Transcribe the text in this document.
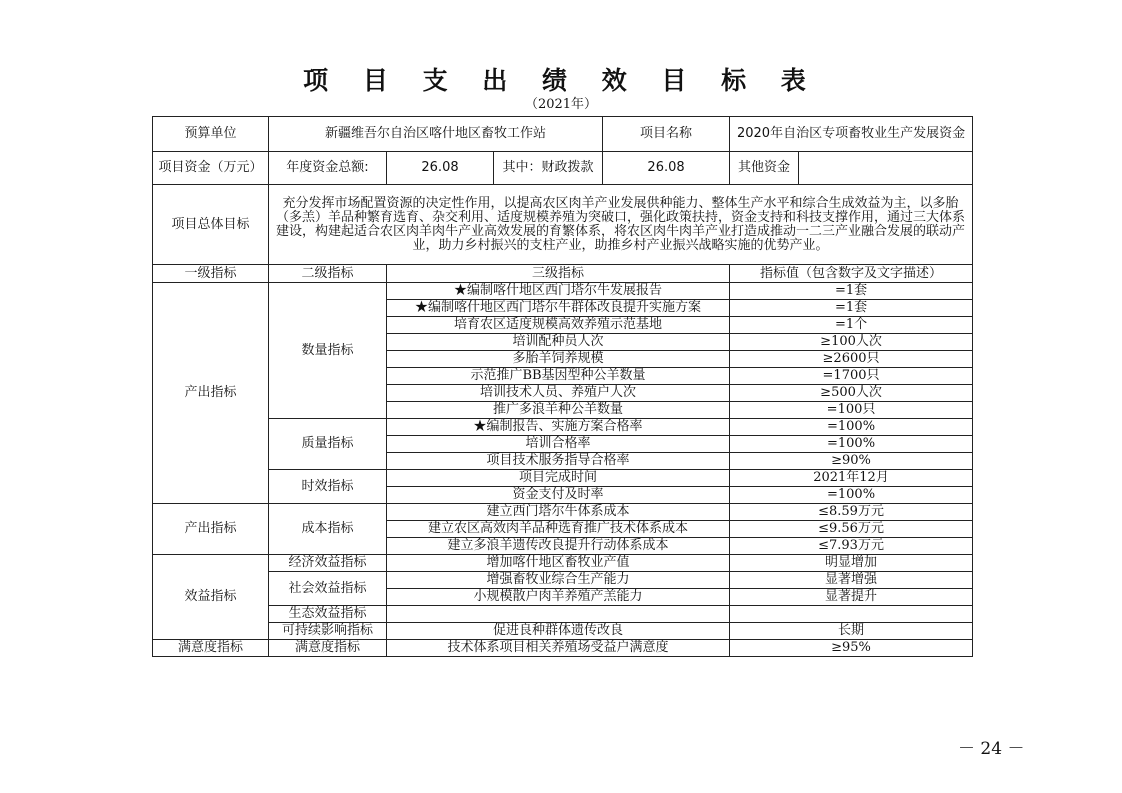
项 目 支 出 绩 效 目 标 表
（2021年）
预算单位	新疆维吾尔自治区喀什地区畜牧工作站			项目名称	2020年自治区专项畜牧业生产发展资金	
项目资金（万元）	年度资金总额:	26.08	其中：财政拨款	26.08	其他资金	
项目总体目标	充分发挥市场配置资源的决定性作用，以提高农区肉羊产业发展供种能力、整体生产水平和综合生成效益为主，以多胎（多羔）羊品种繁育选育、杂交利用、适度规模养殖为突破口，强化政策扶持，资金支持和科技支撑作用，通过三大体系建设，构建起适合农区肉羊肉牛产业高效发展的育繁体系，将农区肉牛肉羊产业打造成推动一二三产业融合发展的联动产业，助力乡村振兴的支柱产业，助推乡村产业振兴战略实施的优势产业。					
一级指标	二级指标	三级指标			指标值（包含数字及文字描述）	
产出指标	数量指标	★编制喀什地区西门塔尔牛发展报告			=1套	
		★编制喀什地区西门塔尔牛群体改良提升实施方案			=1套	
		培育农区适度规模高效养殖示范基地			=1个	
		培训配种员人次			≥100人次	
		多胎羊饲养规模			≥2600只	
		示范推广BB基因型种公羊数量			=1700只	
		培训技术人员、养殖户人次			≥500人次	
		推广多浪羊种公羊数量			=100只	
	质量指标	★编制报告、实施方案合格率			=100%	
		培训合格率			=100%	
		项目技术服务指导合格率			≥90%	
	时效指标	项目完成时间			2021年12月	
		资金支付及时率			=100%	
产出指标	成本指标	建立西门塔尔牛体系成本			≤8.59万元	
		建立农区高效肉羊品种选育推广技术体系成本			≤9.56万元	
		建立多浪羊遗传改良提升行动体系成本			≤7.93万元	
效益指标	经济效益指标	增加喀什地区畜牧业产值			明显增加	
	社会效益指标	增强畜牧业综合生产能力			显著增强	
		小规模散户肉羊养殖产羔能力			显著提升	
	生态效益指标					
	可持续影响指标	促进良种群体遗传改良			长期	
满意度指标	满意度指标	技术体系项目相关养殖场受益户满意度			≥95%	
－ 24 －
